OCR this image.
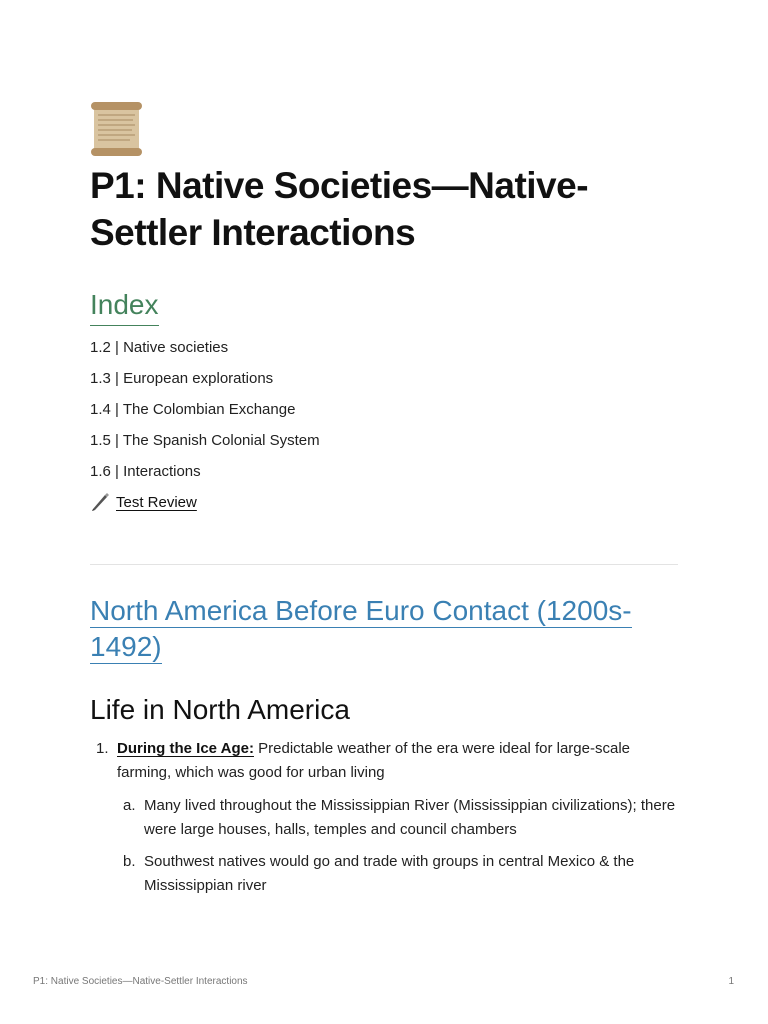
P1: Native Societies—Native-Settler Interactions
Index
1.2 | Native societies
1.3 | European explorations
1.4 | The Colombian Exchange
1.5 | The Spanish Colonial System
1.6 | Interactions
Test Review
North America Before Euro Contact (1200s-1492)
Life in North America
1. During the Ice Age: Predictable weather of the era were ideal for large-scale farming, which was good for urban living
a. Many lived throughout the Mississippian River (Mississippian civilizations); there were large houses, halls, temples and council chambers
b. Southwest natives would go and trade with groups in central Mexico & the Mississippian river
P1: Native Societies—Native-Settler Interactions	1
